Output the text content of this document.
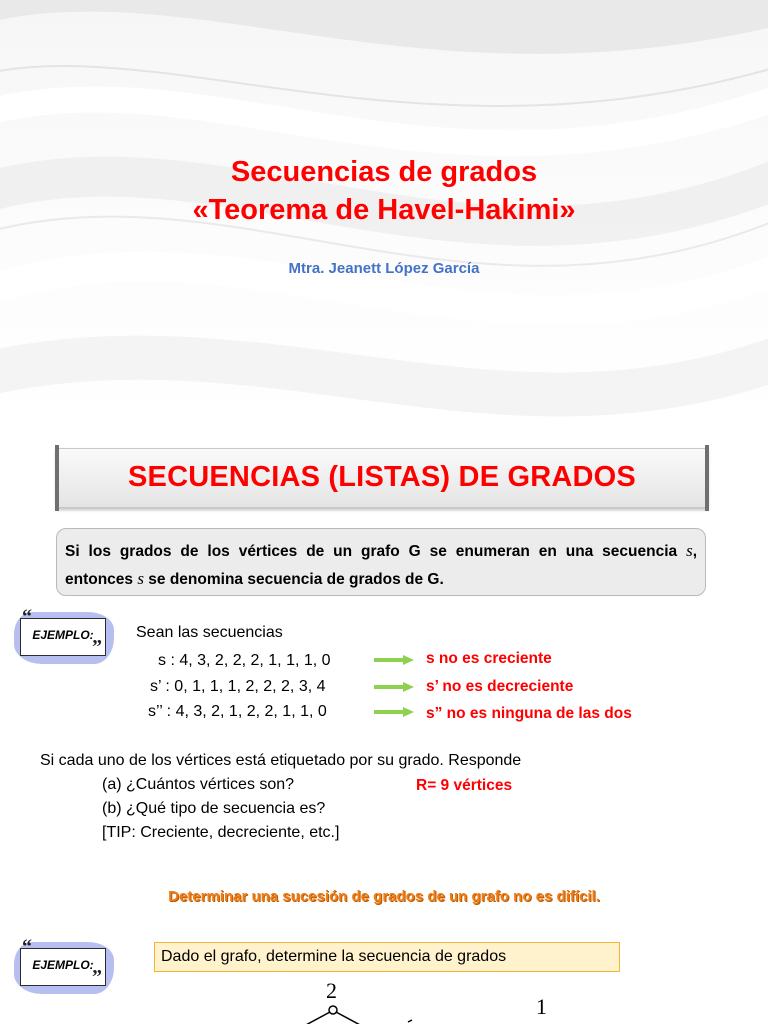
Secuencias de grados
«Teorema de Havel-Hakimi»
Mtra. Jeanett López García
SECUENCIAS (LISTAS) DE GRADOS
Si los grados de los vértices de un grafo G se enumeran en una secuencia s, entonces s se denomina secuencia de grados de G.
EJEMPLO:
“
”
Sean las secuencias
s : 4, 3, 2, 2, 2, 1, 1, 1, 0	s no es creciente
s’ : 0, 1, 1, 1, 2, 2, 2, 3, 4	s’ no es decreciente
s’’ : 4, 3, 2, 1, 2, 2, 1, 1, 0	s” no es ninguna de las dos
Si cada uno de los vértices está etiquetado por su grado. Responde
(a) ¿Cuántos vértices son?	R= 9 vértices
(b) ¿Qué tipo de secuencia es?
[TIP: Creciente, decreciente, etc.]
Determinar una sucesión de grados de un grafo no es difícil.
EJEMPLO:
“
”
Dado el grafo, determine la secuencia de grados
2
1
